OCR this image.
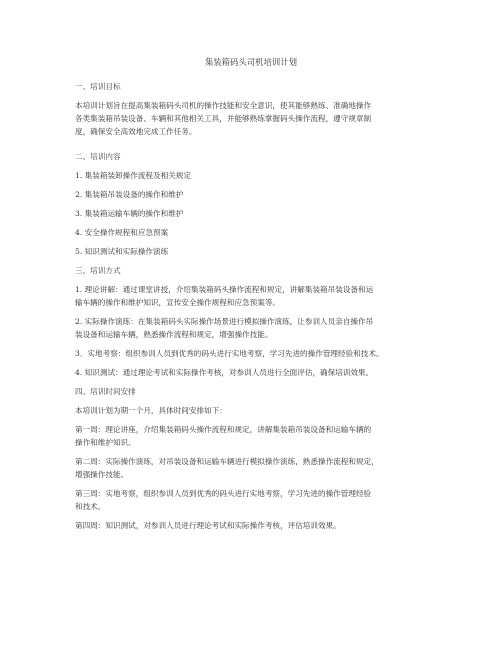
集装箱码头司机培训计划
一、培训目标
本培训计划旨在提高集装箱码头司机的操作技能和安全意识，使其能够熟练、准确地操作
各类集装箱吊装设备、车辆和其他相关工具，并能够熟练掌握码头操作流程，遵守规章制
度，确保安全高效地完成工作任务。
二、培训内容
1. 集装箱装卸操作流程及相关规定
2. 集装箱吊装设备的操作和维护
3. 集装箱运输车辆的操作和维护
4. 安全操作规程和应急预案
5. 知识测试和实际操作演练
三、培训方式
1. 理论讲解：通过课堂讲授，介绍集装箱码头操作流程和规定，讲解集装箱吊装设备和运
输车辆的操作和维护知识，宣传安全操作规程和应急预案等。
2. 实际操作演练：在集装箱码头实际操作场景进行模拟操作演练，让参训人员亲自操作吊
装设备和运输车辆，熟悉操作流程和规定，增强操作技能。
3．实地考察：组织参训人员到优秀的码头进行实地考察，学习先进的操作管理经验和技术。
4. 知识测试：通过理论考试和实际操作考核，对参训人员进行全面评估，确保培训效果。
四、培训时间安排
本培训计划为期一个月，具体时间安排如下：
第一周：理论讲座，介绍集装箱码头操作流程和规定，讲解集装箱吊装设备和运输车辆的
操作和维护知识。
第二周：实际操作演练，对吊装设备和运输车辆进行模拟操作演练，熟悉操作流程和规定，
增强操作技能。
第三周：实地考察，组织参训人员到优秀的码头进行实地考察，学习先进的操作管理经验
和技术。
第四周：知识测试，对参训人员进行理论考试和实际操作考核，评估培训效果。
